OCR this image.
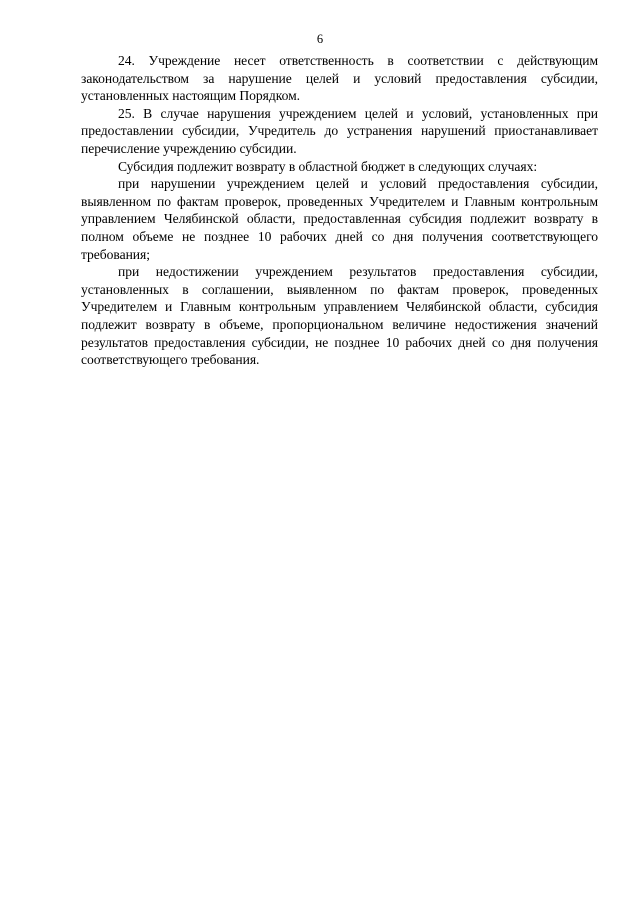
6

24. Учреждение несет ответственность в соответствии с действующим законодательством за нарушение целей и условий предоставления субсидии, установленных настоящим Порядком.

25. В случае нарушения учреждением целей и условий, установленных при предоставлении субсидии, Учредитель до устранения нарушений приостанавливает перечисление учреждению субсидии.

Субсидия подлежит возврату в областной бюджет в следующих случаях:

при нарушении учреждением целей и условий предоставления субсидии, выявленном по фактам проверок, проведенных Учредителем и Главным контрольным управлением Челябинской области, предоставленная субсидия подлежит возврату в полном объеме не позднее 10 рабочих дней со дня получения соответствующего требования;

при недостижении учреждением результатов предоставления субсидии, установленных в соглашении, выявленном по фактам проверок, проведенных Учредителем и Главным контрольным управлением Челябинской области, субсидия подлежит возврату в объеме, пропорциональном величине недостижения значений результатов предоставления субсидии, не позднее 10 рабочих дней со дня получения соответствующего требования.
